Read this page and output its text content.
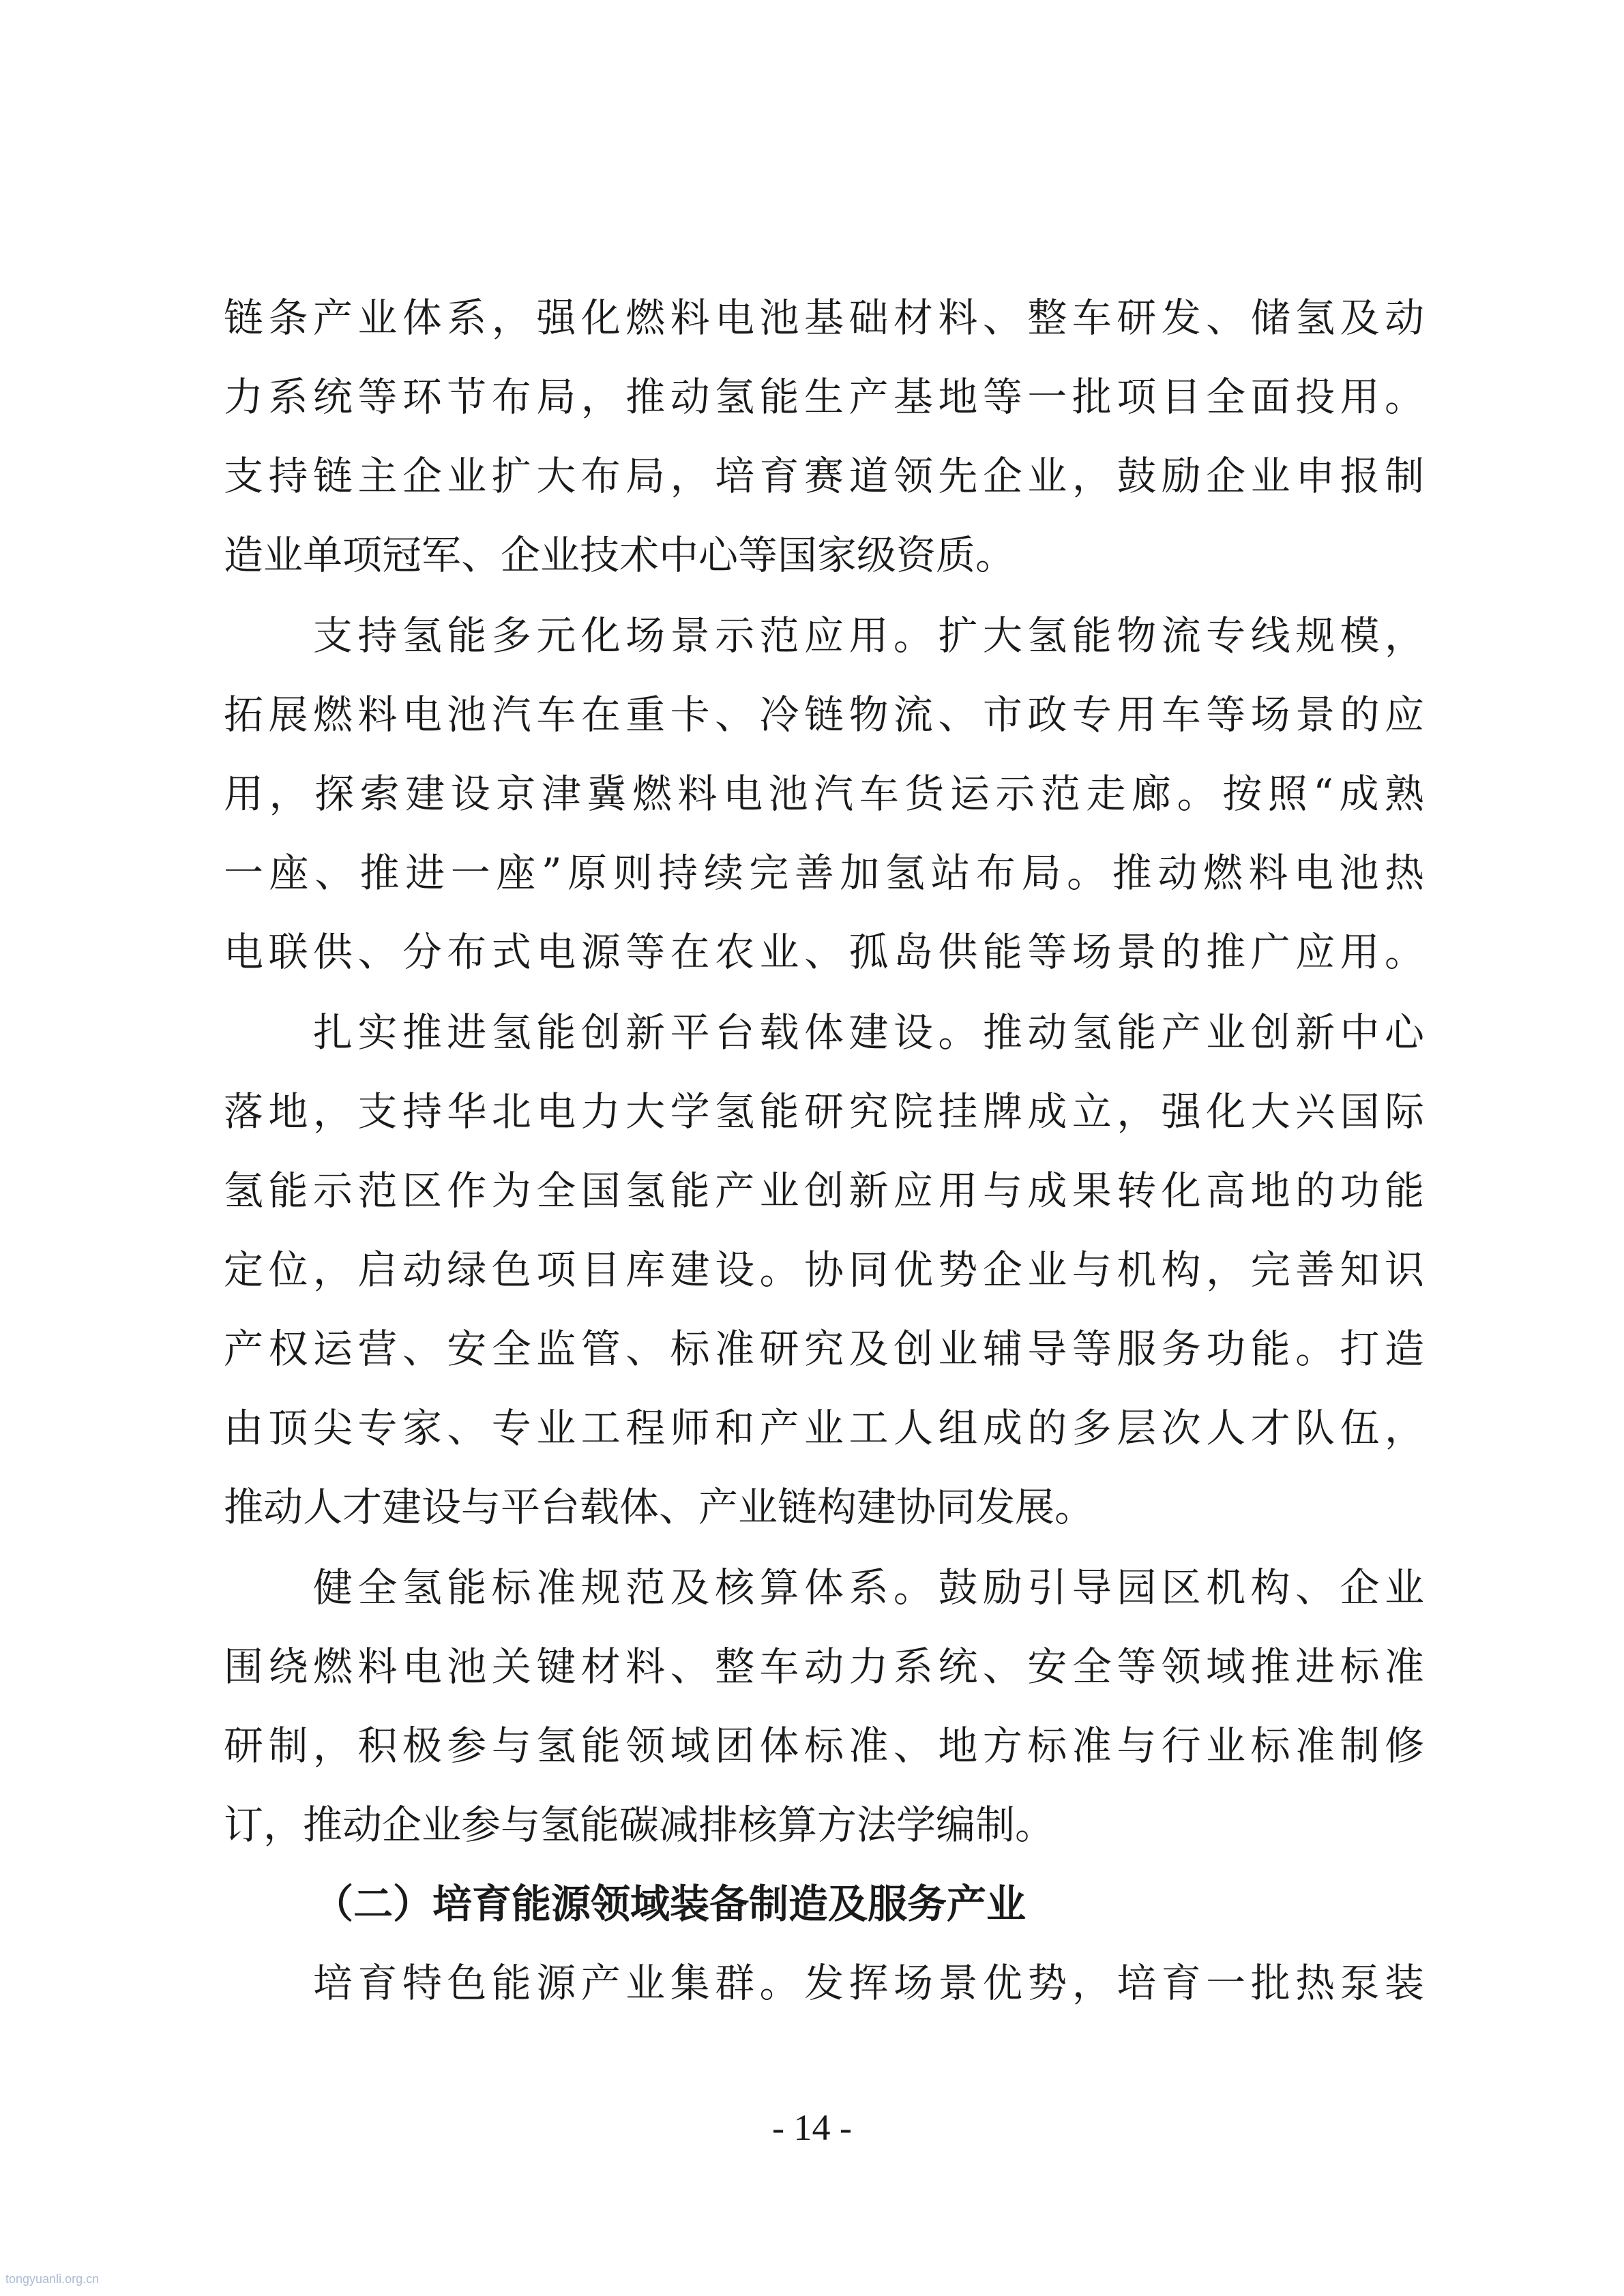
链条产业体系，强化燃料电池基础材料、整车研发、储氢及动
力系统等环节布局，推动氢能生产基地等一批项目全面投用。
支持链主企业扩大布局，培育赛道领先企业，鼓励企业申报制
造业单项冠军、企业技术中心等国家级资质。
　　支持氢能多元化场景示范应用。扩大氢能物流专线规模，
拓展燃料电池汽车在重卡、冷链物流、市政专用车等场景的应
用，探索建设京津冀燃料电池汽车货运示范走廊。按照“成熟
一座、推进一座”原则持续完善加氢站布局。推动燃料电池热
电联供、分布式电源等在农业、孤岛供能等场景的推广应用。
　　扎实推进氢能创新平台载体建设。推动氢能产业创新中心
落地，支持华北电力大学氢能研究院挂牌成立，强化大兴国际
氢能示范区作为全国氢能产业创新应用与成果转化高地的功能
定位，启动绿色项目库建设。协同优势企业与机构，完善知识
产权运营、安全监管、标准研究及创业辅导等服务功能。打造
由顶尖专家、专业工程师和产业工人组成的多层次人才队伍，
推动人才建设与平台载体、产业链构建协同发展。
　　健全氢能标准规范及核算体系。鼓励引导园区机构、企业
围绕燃料电池关键材料、整车动力系统、安全等领域推进标准
研制，积极参与氢能领域团体标准、地方标准与行业标准制修
订，推动企业参与氢能碳减排核算方法学编制。
（二）培育能源领域装备制造及服务产业
　　培育特色能源产业集群。发挥场景优势，培育一批热泵装
- 14 -
tongyuanli.org.cn
